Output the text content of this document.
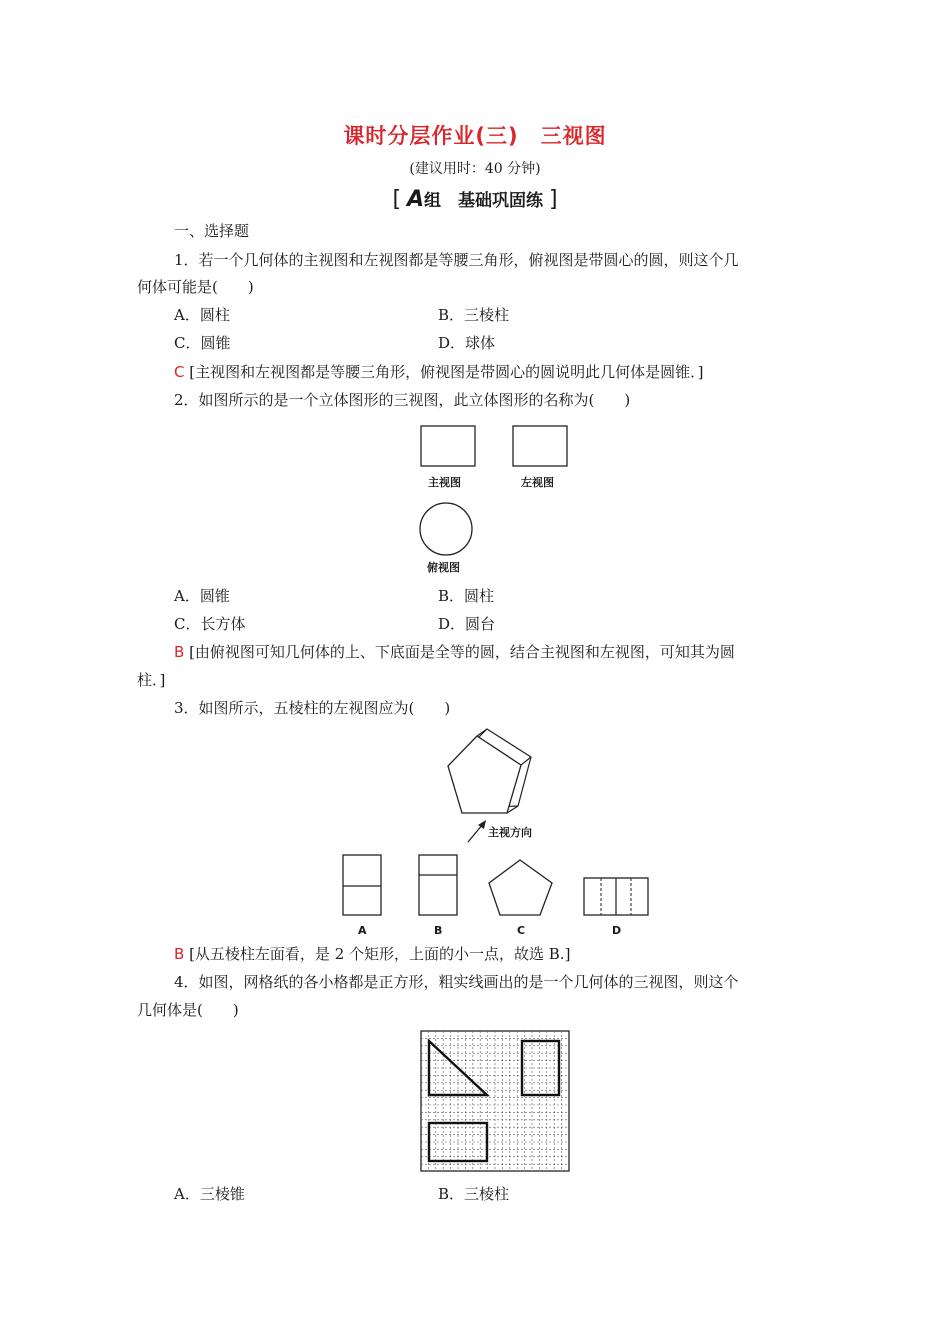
课时分层作业(三)　三视图
(建议用时：40 分钟)
[ A组　基础巩固练 ]
一、选择题
1．若一个几何体的主视图和左视图都是等腰三角形，俯视图是带圆心的圆，则这个几
何体可能是(　　)
A．圆柱	B．三棱柱
C．圆锥	D．球体
C [主视图和左视图都是等腰三角形，俯视图是带圆心的圆说明此几何体是圆锥．]
2．如图所示的是一个立体图形的三视图，此立体图形的名称为(　　)
主视图	左视图
俯视图
A．圆锥	B．圆柱
C．长方体	D．圆台
B [由俯视图可知几何体的上、下底面是全等的圆，结合主视图和左视图，可知其为圆
柱．]
3．如图所示，五棱柱的左视图应为(　　)
主视方向
A	B	C	D
B [从五棱柱左面看，是 2 个矩形，上面的小一点，故选 B.]
4．如图，网格纸的各小格都是正方形，粗实线画出的是一个几何体的三视图，则这个
几何体是(　　)
A．三棱锥	B．三棱柱
